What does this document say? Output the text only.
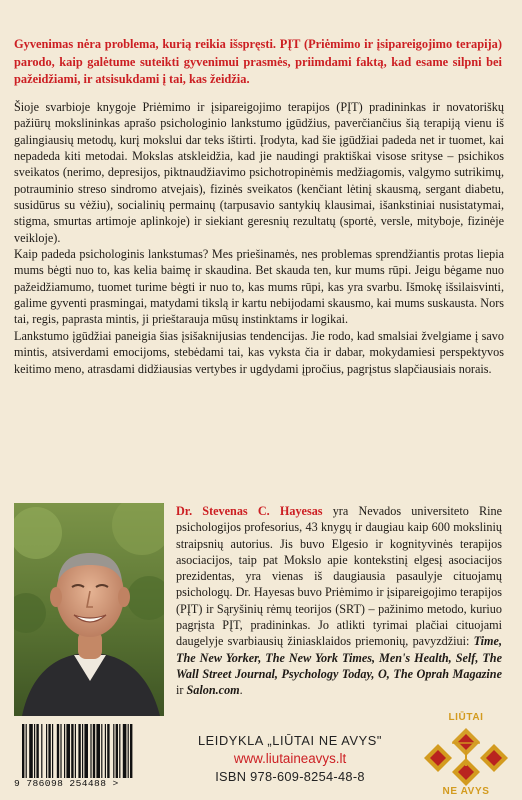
Gyvenimas nėra problema, kurią reikia išspręsti. PĮT (Priėmimo ir įsipareigojimo terapija) parodo, kaip galėtume suteikti gyvenimui prasmės, priimdami faktą, kad esame silpni bei pažeidžiami, ir atsisukdami į tai, kas žeidžia.

Šioje svarbioje knygoje Priėmimo ir įsipareigojimo terapijos (PĮT) pradininkas ir novatoriškų pažiūrų mokslininkas aprašo psichologinio lankstumo įgūdžius, paverčiančius šią terapiją vienu iš galingiausių metodų, kurį mokslui dar teks ištirti. Įrodyta, kad šie įgūdžiai padeda net ir tuomet, kai nepadeda kiti metodai. Mokslas atskleidžia, kad jie naudingi praktiškai visose srityse – psichikos sveikatos (nerimo, depresijos, piktnaudžiavimo psichotropinėmis medžiagomis, valgymo sutrikimų, potrauminio streso sindromo atvejais), fizinės sveikatos (kenčiant lėtinį skausmą, sergant diabetu, susidūrus su vėžiu), socialinių permainų (tarpusavio santykių klausimai, išankstiniai nusistatymai, stigma, smurtas artimoje aplinkoje) ir siekiant geresnių rezultatų (sportė, versle, mityboje, fizinėje veikloje).

Kaip padeda psichologinis lankstumas? Mes priešinamės, nes problemas sprendžiantis protas liepia mums bėgti nuo to, kas kelia baimę ir skaudina. Bet skauda ten, kur mums rūpi. Jeigu bėgame nuo pažeidžiamumo, tuomet turime bėgti ir nuo to, kas mums rūpi, kas yra svarbu. Išmokę išsilaisvinti, galime gyventi prasmingai, matydami tikslą ir kartu nebijodami skausmo, kai mums suskausta. Nors tai, regis, paprasta mintis, ji prieštarauja mūsų instinktams ir logikai.

Lankstumo įgūdžiai paneigia šias įsišaknijusias tendencijas. Jie rodo, kad smalsiai žvelgiame į savo mintis, atsiverdami emocijoms, stebėdami tai, kas vyksta čia ir dabar, mokydamiesi perspektyvos keitimo meno, atrasdami didžiausias vertybes ir ugdydami įpročius, pagrįstus slapčiausiais norais.

Dr. Stevenas C. Hayesas yra Nevados universiteto Rine psichologijos profesorius, 43 knygų ir daugiau kaip 600 mokslinių straipsnių autorius. Jis buvo Elgesio ir kognityvinės terapijos asociacijos, taip pat Mokslo apie kontekstinį elgesį asociacijos prezidentas, yra vienas iš daugiausia pasaulyje cituojamų psichologų. Dr. Hayesas buvo Priėmimo ir įsipareigojimo terapijos (PĮT) ir Sąryšinių rėmų teorijos (SRT) – pažinimo metodo, kuriuo pagrįsta PĮT, pradininkas. Jo atlikti tyrimai plačiai cituojami daugelyje svarbiausių žiniasklaidos priemonių, pavyzdžiui: Time, The New Yorker, The New York Times, Men's Health, Self, The Wall Street Journal, Psychology Today, O, The Oprah Magazine ir Salon.com.
LEIDYKLA „LIŪTAI NE AVYS"
www.liutaineavys.lt
ISBN 978-609-8254-48-8
9 786098 254488 >
LIŪTAI
NE AVYS
